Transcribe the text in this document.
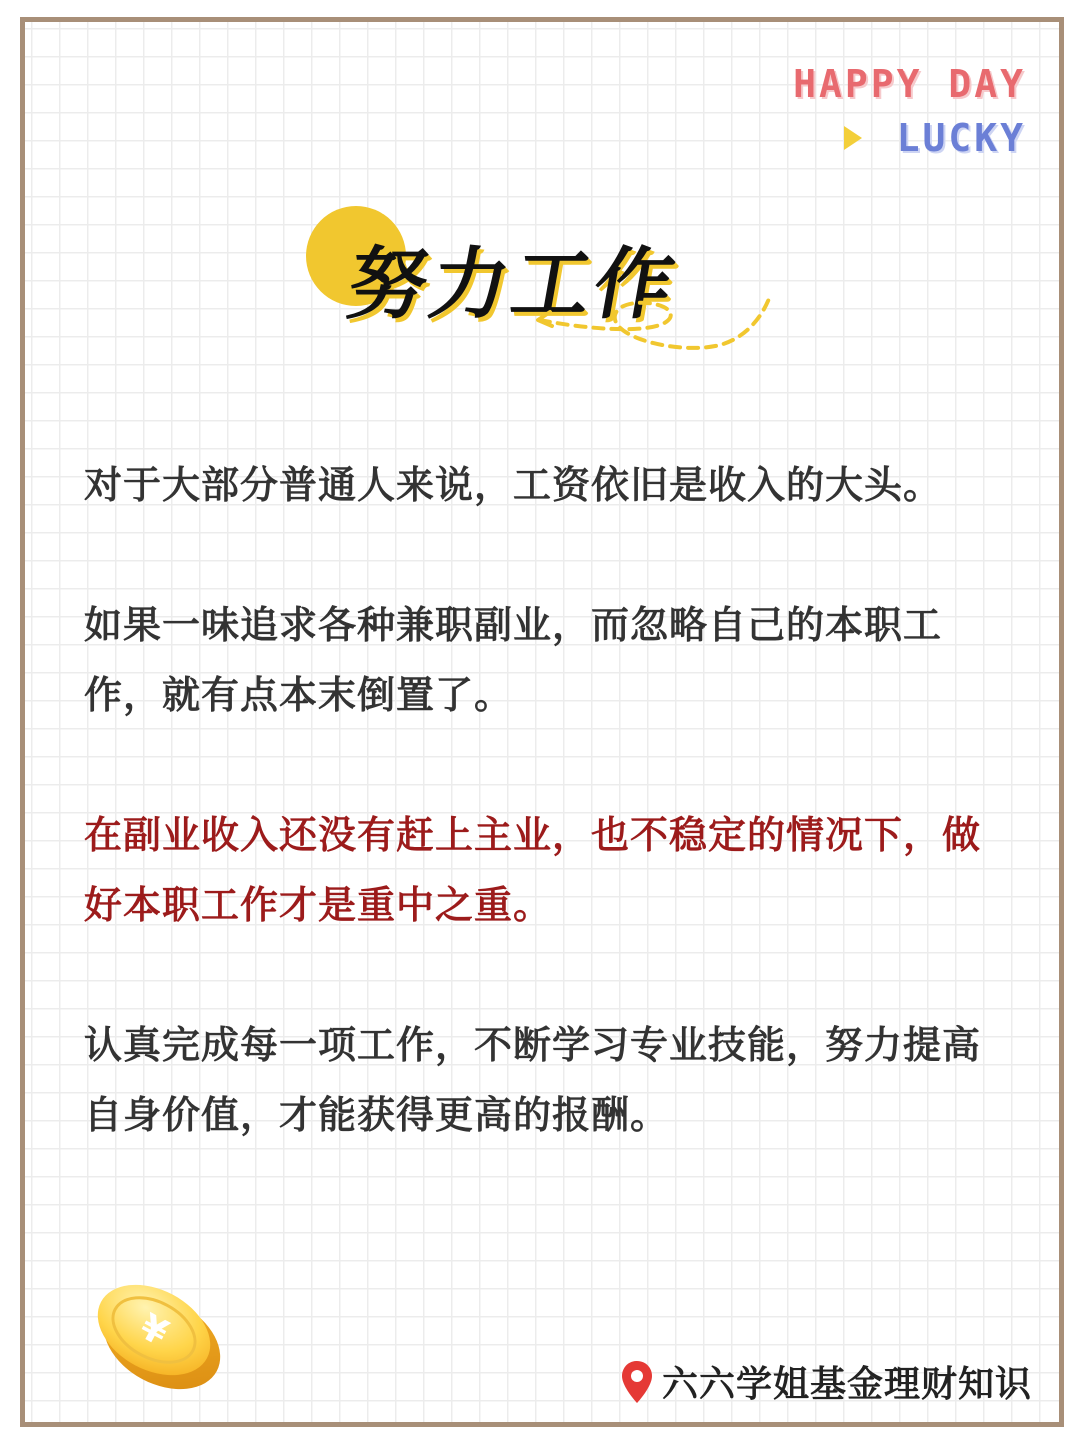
HAPPY DAY
LUCKY
努力工作

对于大部分普通人来说，工资依旧是收入的大头。

如果一味追求各种兼职副业，而忽略自己的本职工作，就有点本末倒置了。

在副业收入还没有赶上主业，也不稳定的情况下，做好本职工作才是重中之重。

认真完成每一项工作，不断学习专业技能，努力提高自身价值，才能获得更高的报酬。

¥
六六学姐基金理财知识
